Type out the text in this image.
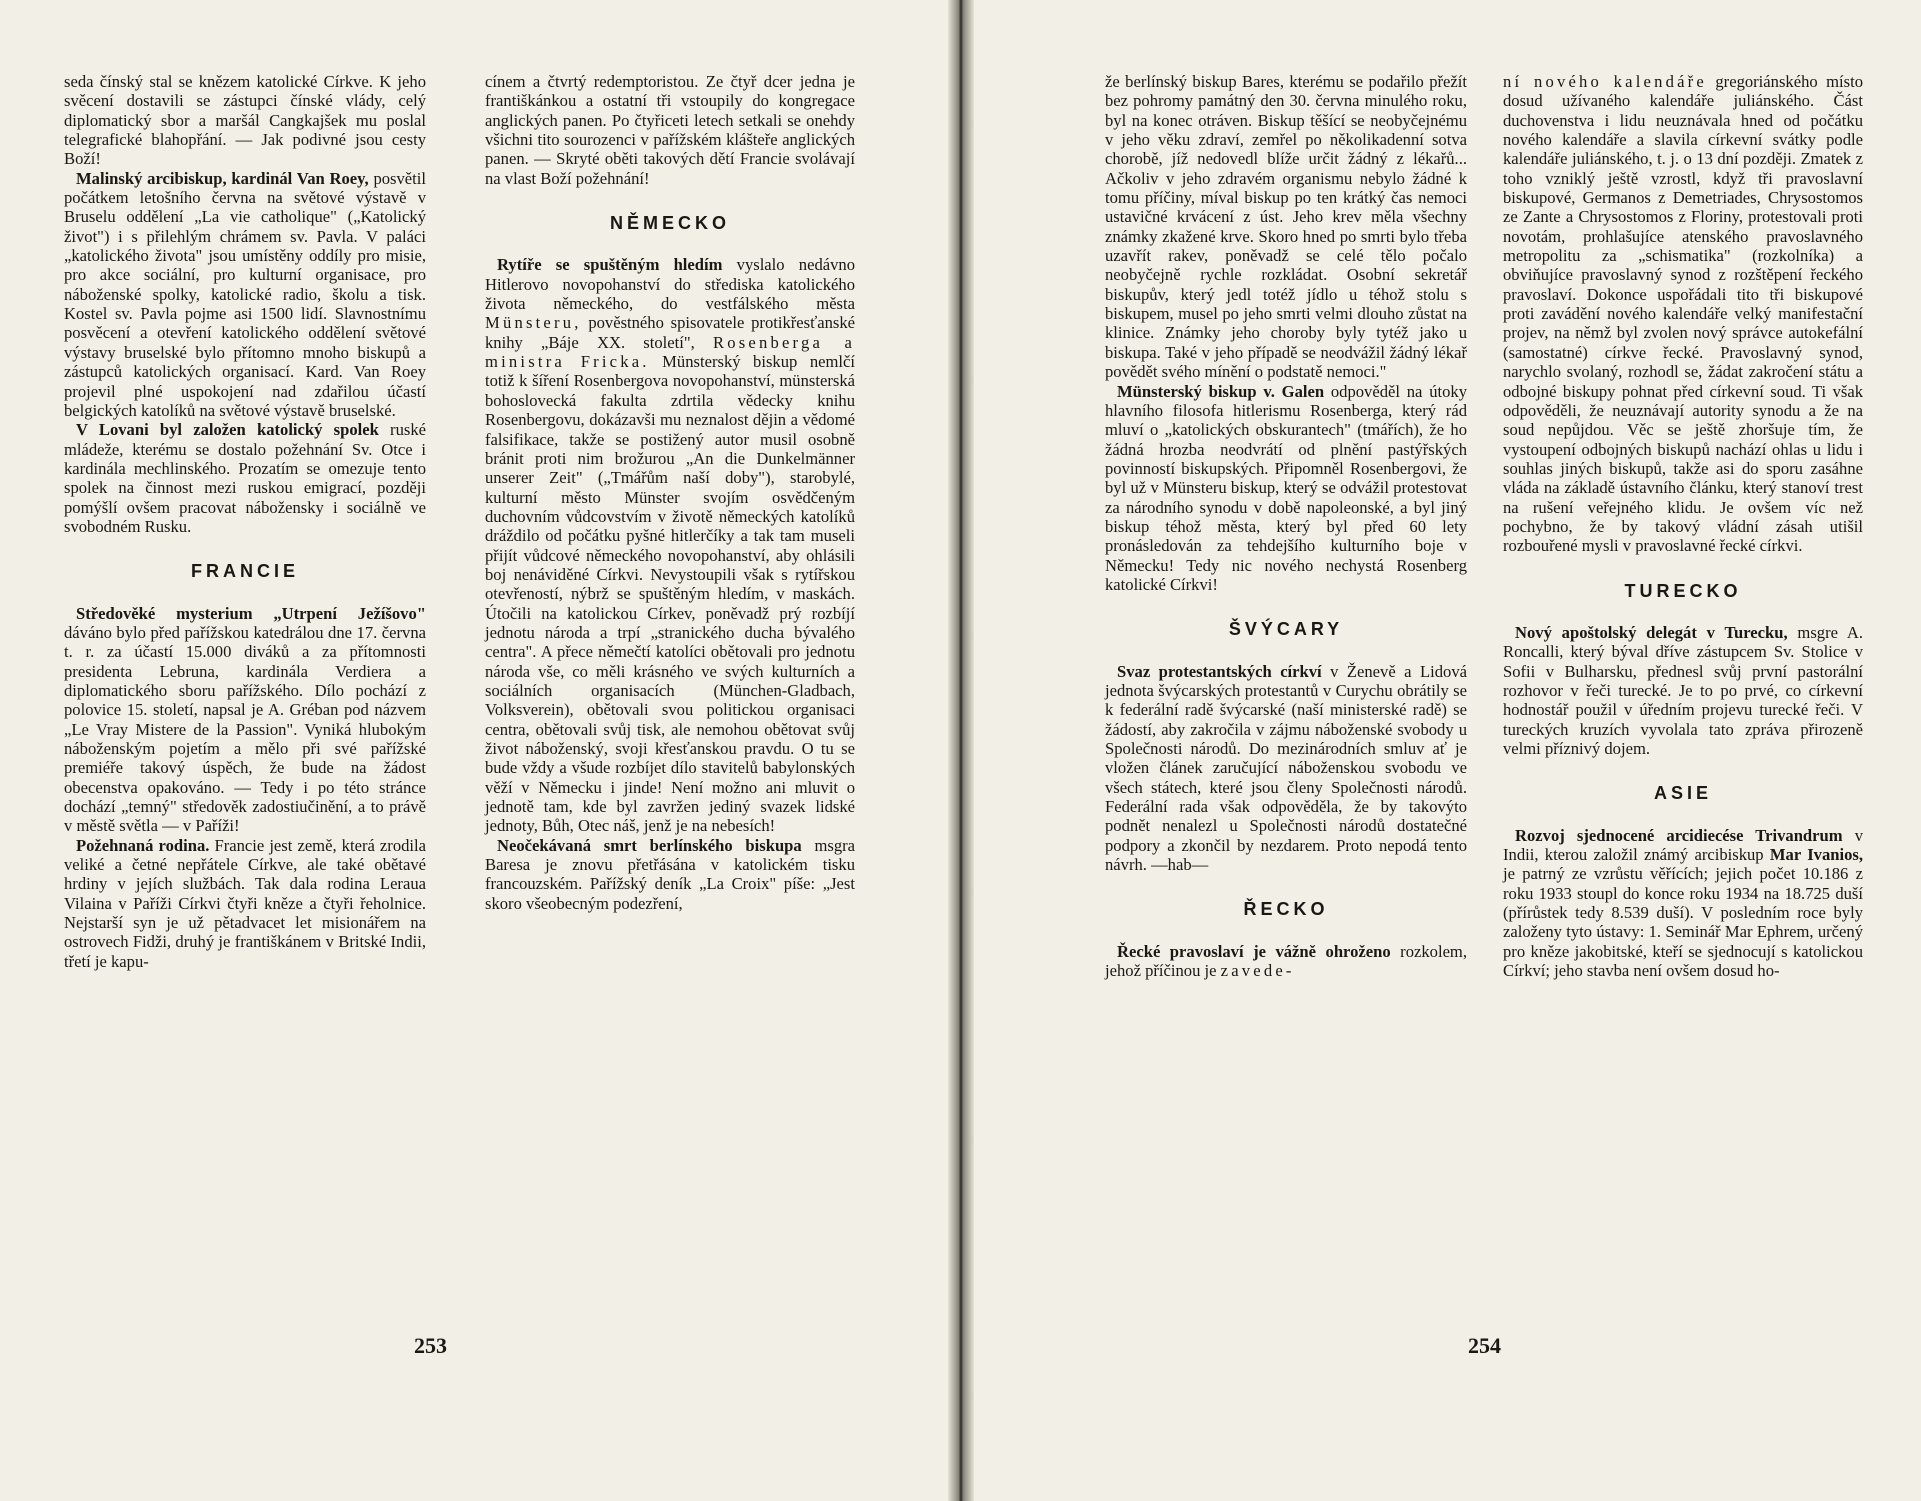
seda čínský stal se knězem katolické Církve. K jeho svěcení dostavili se zástupci čínské vlády, celý diplomatický sbor a maršál Cangkajšek mu poslal telegrafické blahopřání. — Jak podivné jsou cesty Boží!

Malinský arcibiskup, kardinál Van Roey, posvětil počátkem letošního června na světové výstavě v Bruselu oddělení „La vie catholique" („Katolický život") i s přilehlým chrámem sv. Pavla. V paláci „katolického života" jsou umístěny oddíly pro misie, pro akce sociální, pro kulturní organisace, pro náboženské spolky, katolické radio, školu a tisk. Kostel sv. Pavla pojme asi 1500 lidí. Slavnostnímu posvěcení a otevření katolického oddělení světové výstavy bruselské bylo přítomno mnoho biskupů a zástupců katolických organisací. Kard. Van Roey projevil plné uspokojení nad zdařilou účastí belgických katolíků na světové výstavě bruselské.

V Lovani byl založen katolický spolek ruské mládeže, kterému se dostalo požehnání Sv. Otce i kardinála mechlinského. Prozatím se omezuje tento spolek na činnost mezi ruskou emigrací, později pomýšlí ovšem pracovat nábožensky i sociálně ve svobodném Rusku.

FRANCIE

Středověké mysterium „Utrpení Ježíšovo" dáváno bylo před pařížskou katedrálou dne 17. června t. r. za účastí 15.000 diváků a za přítomnosti presidenta Lebruna, kardinála Verdiera a diplomatického sboru pařížského. Dílo pochází z polovice 15. století, napsal je A. Gréban pod názvem „Le Vray Mistere de la Passion". Vyniká hlubokým náboženským pojetím a mělo při své pařížské premiéře takový úspěch, že bude na žádost obecenstva opakováno. — Tedy i po této stránce dochází „temný" středověk zadostiučinění, a to právě v městě světla — v Paříži!

Požehnaná rodina. Francie jest země, která zrodila veliké a četné nepřátele Církve, ale také obětavé hrdiny v jejích službách. Tak dala rodina Leraua Vilaina v Paříži Církvi čtyři kněze a čtyři řeholnice. Nejstarší syn je už pětadvacet let misionářem na ostrovech Fidži, druhý je františkánem v Britské Indii, třetí je kapu-

cínem a čtvrtý redemptoristou. Ze čtyř dcer jedna je františkánkou a ostatní tři vstoupily do kongregace anglických panen. Po čtyřiceti letech setkali se onehdy všichni tito sourozenci v pařížském klášteře anglických panen. — Skryté oběti takových dětí Francie svolávají na vlast Boží požehnání!

NĚMECKO

Rytíře se spuštěným hledím vyslalo nedávno Hitlerovo novopohanství do střediska katolického života německého, do vestfálského města Münsteru, pověstného spisovatele protikřesťanské knihy „Báje XX. století", Rosenberga a ministra Fricka. Münsterský biskup nemlčí totiž k šíření Rosenbergova novopohanství, münsterská bohoslovecká fakulta zdrtila vědecky knihu Rosenbergovu, dokázavši mu neznalost dějin a vědomé falsifikace, takže se postižený autor musil osobně bránit proti nim brožurou „An die Dunkelmänner unserer Zeit" („Tmářům naší doby"), starobylé, kulturní město Münster svojím osvědčeným duchovním vůdcovstvím v životě německých katolíků dráždilo od počátku pyšné hitlerčíky a tak tam museli přijít vůdcové německého novopohanství, aby ohlásili boj nenáviděné Církvi. Nevystoupili však s rytířskou otevřeností, nýbrž se spuštěným hledím, v maskách. Útočili na katolickou Církev, poněvadž prý rozbíjí jednotu národa a trpí „stranického ducha bývalého centra". A přece němečtí katolíci obětovali pro jednotu národa vše, co měli krásného ve svých kulturních a sociálních organisacích (München-Gladbach, Volksverein), obětovali svou politickou organisaci centra, obětovali svůj tisk, ale nemohou obětovat svůj život náboženský, svoji křesťanskou pravdu. O tu se bude vždy a všude rozbíjet dílo stavitelů babylonských věží v Německu i jinde! Není možno ani mluvit o jednotě tam, kde byl zavržen jediný svazek lidské jednoty, Bůh, Otec náš, jenž je na nebesích!

Neočekávaná smrt berlínského biskupa msgra Baresa je znovu přetřásána v katolickém tisku francouzském. Pařížský deník „La Croix" píše: „Jest skoro všeobecným podezření,

253

že berlínský biskup Bares, kterému se podařilo přežít bez pohromy památný den 30. června minulého roku, byl na konec otráven. Biskup těšící se neobyčejnému v jeho věku zdraví, zemřel po několikadenní sotva chorobě, jíž nedovedl blíže určit žádný z lékařů... Ačkoliv v jeho zdravém organismu nebylo žádné k tomu příčiny, míval biskup po ten krátký čas nemoci ustavičné krvácení z úst. Jeho krev měla všechny známky zkažené krve. Skoro hned po smrti bylo třeba uzavřít rakev, poněvadž se celé tělo počalo neobyčejně rychle rozkládat. Osobní sekretář biskupův, který jedl totéž jídlo u téhož stolu s biskupem, musel po jeho smrti velmi dlouho zůstat na klinice. Známky jeho choroby byly tytéž jako u biskupa. Také v jeho případě se neodvážil žádný lékař povědět svého mínění o podstatě nemoci."

Münsterský biskup v. Galen odpověděl na útoky hlavního filosofa hitlerismu Rosenberga, který rád mluví o „katolických obskurantech" (tmářích), že ho žádná hrozba neodvrátí od plnění pastýřských povinností biskupských. Připomněl Rosenbergovi, že byl už v Münsteru biskup, který se odvážil protestovat za národního synodu v době napoleonské, a byl jiný biskup téhož města, který byl před 60 lety pronásledován za tehdejšího kulturního boje v Německu! Tedy nic nového nechystá Rosenberg katolické Církvi!

ŠVÝCARY

Svaz protestantských církví v Ženevě a Lidová jednota švýcarských protestantů v Curychu obrátily se k federální radě švýcarské (naší ministerské radě) se žádostí, aby zakročila v zájmu náboženské svobody u Společnosti národů. Do mezinárodních smluv ať je vložen článek zaručující náboženskou svobodu ve všech státech, které jsou členy Společnosti národů. Federální rada však odpověděla, že by takovýto podnět nenalezl u Společnosti národů dostatečné podpory a zkončil by nezdarem. Proto nepodá tento návrh. —hab—

ŘECKO

Řecké pravoslaví je vážně ohroženo rozkolem, jehož příčinou je zavede-

ní nového kalendáře gregoriánského místo dosud užívaného kalendáře juliánského. Část duchovenstva i lidu neuznávala hned od počátku nového kalendáře a slavila církevní svátky podle kalendáře juliánského, t. j. o 13 dní později. Zmatek z toho vzniklý ještě vzrostl, když tři pravoslavní biskupové, Germanos z Demetriades, Chrysostomos ze Zante a Chrysostomos z Floriny, protestovali proti novotám, prohlašujíce atenského pravoslavného metropolitu za „schismatika" (rozkolníka) a obviňujíce pravoslavný synod z rozštěpení řeckého pravoslaví. Dokonce uspořádali tito tři biskupové proti zavádění nového kalendáře velký manifestační projev, na němž byl zvolen nový správce autokefální (samostatné) církve řecké. Pravoslavný synod, narychlo svolaný, rozhodl se, žádat zakročení státu a odbojné biskupy pohnat před církevní soud. Ti však odpověděli, že neuznávají autority synodu a že na soud nepůjdou. Věc se ještě zhoršuje tím, že vystoupení odbojných biskupů nachází ohlas u lidu i souhlas jiných biskupů, takže asi do sporu zasáhne vláda na základě ústavního článku, který stanoví trest na rušení veřejného klidu. Je ovšem víc než pochybno, že by takový vládní zásah utišil rozbouřené mysli v pravoslavné řecké církvi.

TURECKO

Nový apoštolský delegát v Turecku, msgre A. Roncalli, který býval dříve zástupcem Sv. Stolice v Sofii v Bulharsku, přednesl svůj první pastorální rozhovor v řeči turecké. Je to po prvé, co církevní hodnostář použil v úředním projevu turecké řeči. V tureckých kruzích vyvolala tato zpráva přirozeně velmi příznivý dojem.

ASIE

Rozvoj sjednocené arcidiecése Trivandrum v Indii, kterou založil známý arcibiskup Mar Ivanios, je patrný ze vzrůstu věřících; jejich počet 10.186 z roku 1933 stoupl do konce roku 1934 na 18.725 duší (přírůstek tedy 8.539 duší). V posledním roce byly založeny tyto ústavy: 1. Seminář Mar Ephrem, určený pro kněze jakobitské, kteří se sjednocují s katolickou Církví; jeho stavba není ovšem dosud ho-

254
